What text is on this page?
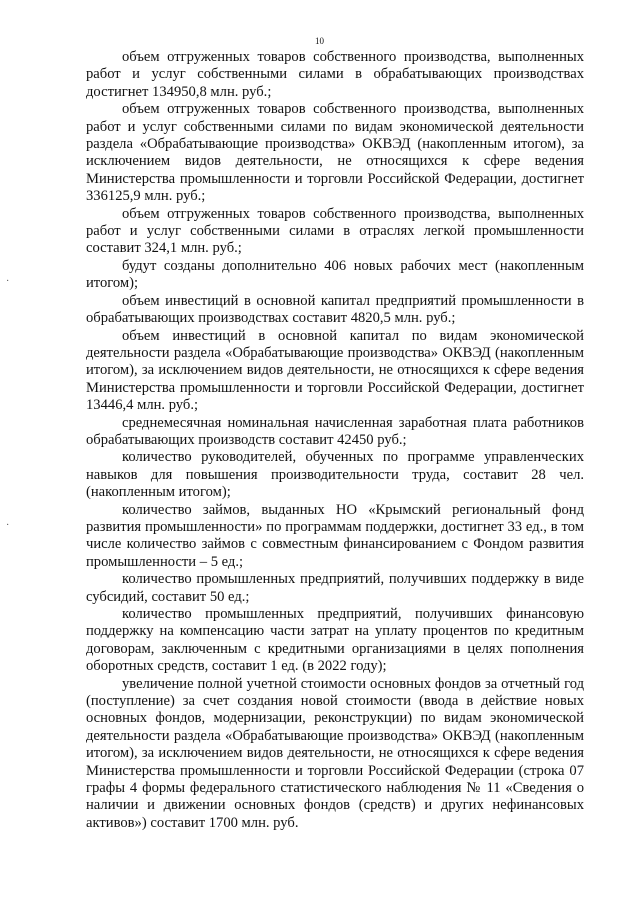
10
·
·

объем отгруженных товаров собственного производства, выполненных работ и услуг собственными силами в обрабатывающих производствах достигнет 134950,8 млн. руб.;

объем отгруженных товаров собственного производства, выполненных работ и услуг собственными силами по видам экономической деятельности раздела «Обрабатывающие производства» ОКВЭД (накопленным итогом), за исключением видов деятельности, не относящихся к сфере ведения Министерства промышленности и торговли Российской Федерации, достигнет 336125,9 млн. руб.;

объем отгруженных товаров собственного производства, выполненных работ и услуг собственными силами в отраслях легкой промышленности составит 324,1 млн. руб.;

будут созданы дополнительно 406 новых рабочих мест (накопленным итогом);

объем инвестиций в основной капитал предприятий промышленности в обрабатывающих производствах составит 4820,5 млн. руб.;

объем инвестиций в основной капитал по видам экономической деятельности раздела «Обрабатывающие производства» ОКВЭД (накопленным итогом), за исключением видов деятельности, не относящихся к сфере ведения Министерства промышленности и торговли Российской Федерации, достигнет 13446,4 млн. руб.;

среднемесячная номинальная начисленная заработная плата работников обрабатывающих производств составит 42450 руб.;

количество руководителей, обученных по программе управленческих навыков для повышения производительности труда, составит 28 чел. (накопленным итогом);

количество займов, выданных НО «Крымский региональный фонд развития промышленности» по программам поддержки, достигнет 33 ед., в том числе количество займов с совместным финансированием с Фондом развития промышленности – 5 ед.;

количество промышленных предприятий, получивших поддержку в виде субсидий, составит 50 ед.;

количество промышленных предприятий, получивших финансовую поддержку на компенсацию части затрат на уплату процентов по кредитным договорам, заключенным с кредитными организациями в целях пополнения оборотных средств, составит 1 ед. (в 2022 году);

увеличение полной учетной стоимости основных фондов за отчетный год (поступление) за счет создания новой стоимости (ввода в действие новых основных фондов, модернизации, реконструкции) по видам экономической деятельности раздела «Обрабатывающие производства» ОКВЭД (накопленным итогом), за исключением видов деятельности, не относящихся к сфере ведения Министерства промышленности и торговли Российской Федерации (строка 07 графы 4 формы федерального статистического наблюдения № 11 «Сведения о наличии и движении основных фондов (средств) и других нефинансовых активов») составит 1700 млн. руб.
